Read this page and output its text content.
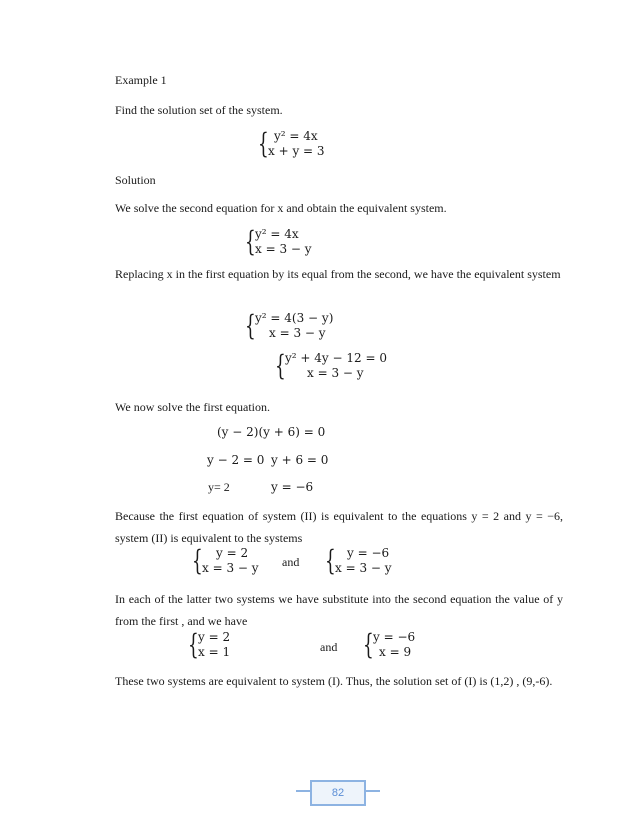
Example 1
Find the solution set of the system.
{ y² = 4x
x + y = 3
Solution
We solve the second equation for x and obtain the equivalent system.
{ y² = 4x
x = 3 − y
Replacing x in the first equation by its equal from the second, we have the equivalent system
{ y² = 4(3 − y)
x = 3 − y
{ y² + 4y − 12 = 0
x = 3 − y
We now solve the first equation.
(y − 2)(y + 6) = 0
y − 2 = 0 y + 6 = 0
y= 2	y = −6
Because the first equation of system (II) is equivalent to the equations y = 2 and y = −6, system (II) is equivalent to the systems
{	y = 2
x = 3 − y and { y = −6
x = 3 − y
In each of the latter two systems we have substitute into the second equation the value of y from the first , and we have
{ y = 2
x = 1	and { y = −6
x = 9
These two systems are equivalent to system (I). Thus, the solution set of (I) is (1,2) , (9,-6).
82
